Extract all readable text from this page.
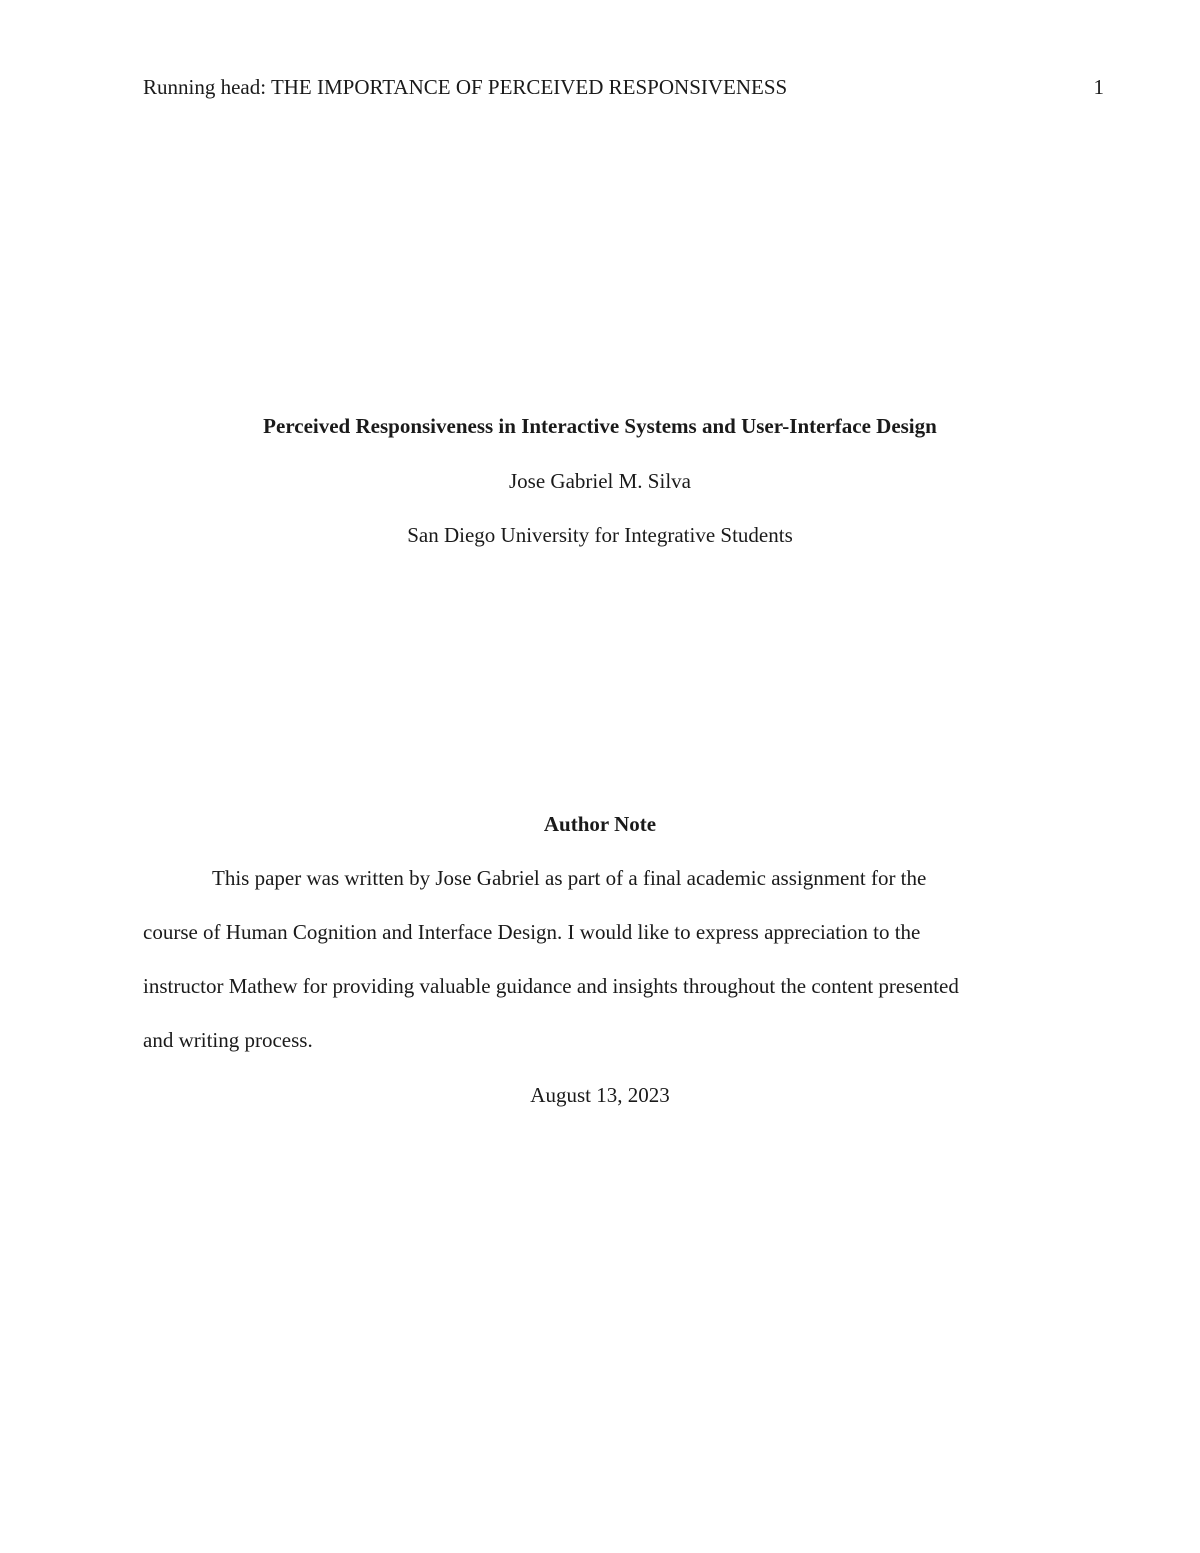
Running head: THE IMPORTANCE OF PERCEIVED RESPONSIVENESS	1
Perceived Responsiveness in Interactive Systems and User-Interface Design
Jose Gabriel M. Silva
San Diego University for Integrative Students
Author Note
This paper was written by Jose Gabriel as part of a final academic assignment for the
course of Human Cognition and Interface Design. I would like to express appreciation to the
instructor Mathew for providing valuable guidance and insights throughout the content presented
and writing process.
August 13, 2023
